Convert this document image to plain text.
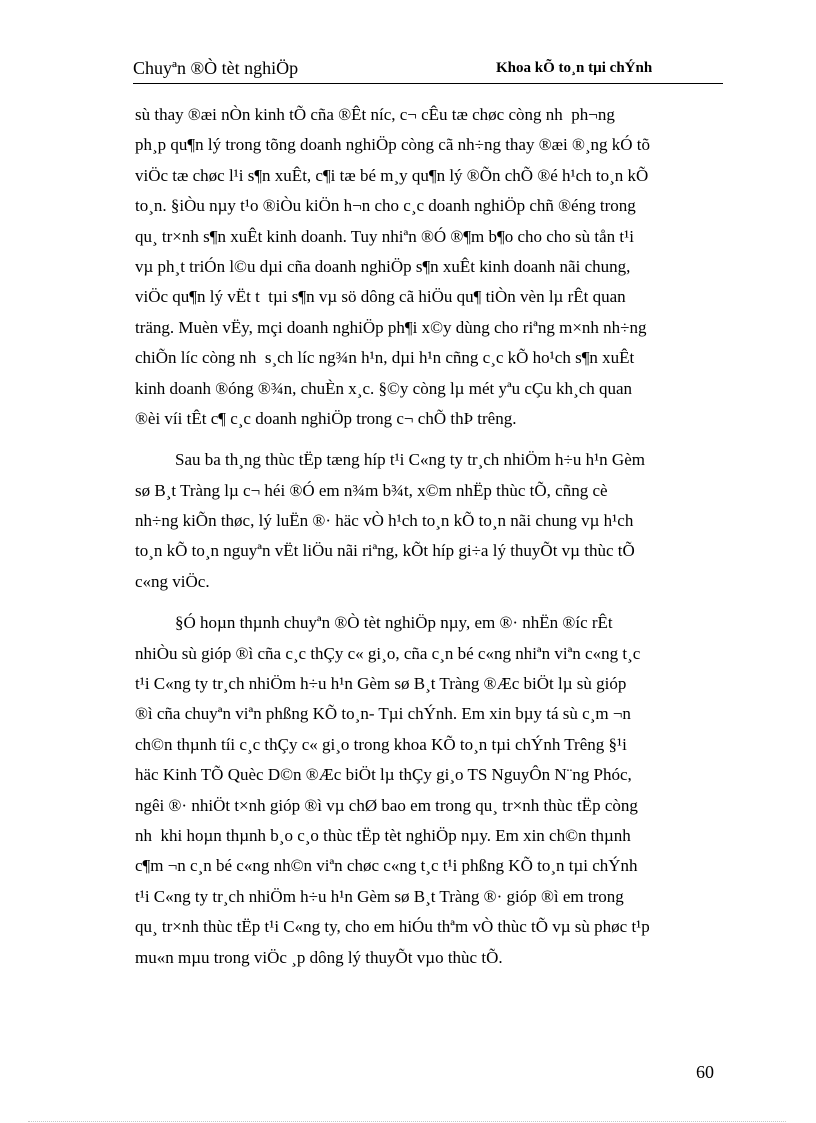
Chuyªn ®Ò tèt nghiÖp	Khoa kÕ to¸n tµi chÝnh
sù thay ®æi nÒn kinh tÕ cña ®Êt níc, c¬ cÊu tæ chøc còng nh  ph¬ng
ph¸p qu¶n lý trong tõng doanh nghiÖp còng cã nh÷ng thay ®æi ®¸ng kÓ tõ
viÖc tæ chøc l¹i s¶n xuÊt, c¶i tæ bé m¸y qu¶n lý ®Õn chÕ ®é h¹ch to¸n kÕ
to¸n. §iÒu nµy t¹o ®iÒu kiÖn h¬n cho c¸c doanh nghiÖp chñ ®éng trong
qu¸ tr×nh s¶n xuÊt kinh doanh. Tuy nhiªn ®Ó ®¶m b¶o cho cho sù tån t¹i
vµ ph¸t triÓn l©u dµi cña doanh nghiÖp s¶n xuÊt kinh doanh nãi chung,
viÖc qu¶n lý vËt t  tµi s¶n vµ sö dông cã hiÖu qu¶ tiÒn vèn lµ rÊt quan
träng. Muèn vËy, mçi doanh nghiÖp ph¶i x©y dùng cho riªng m×nh nh÷ng
chiÕn líc còng nh  s¸ch líc ng¾n h¹n, dµi h¹n cñng c¸c kÕ ho¹ch s¶n xuÊt
kinh doanh ®óng ®¾n, chuÈn x¸c. §©y còng lµ mét yªu cÇu kh¸ch quan
®èi víi tÊt c¶ c¸c doanh nghiÖp trong c¬ chÕ thÞ trêng.
Sau ba th¸ng thùc tËp tæng híp t¹i C«ng ty tr¸ch nhiÖm h÷u h¹n Gèm
sø B¸t Tràng lµ c¬ héi ®Ó em n¾m b¾t, x©m nhËp thùc tÕ, cñng cè
nh÷ng kiÕn thøc, lý luËn ®· häc vÒ h¹ch to¸n kÕ to¸n nãi chung vµ h¹ch
to¸n kÕ to¸n nguyªn vËt liÖu nãi riªng, kÕt híp gi÷a lý thuyÕt vµ thùc tÕ
c«ng viÖc.
§Ó hoµn thµnh chuyªn ®Ò tèt nghiÖp nµy, em ®· nhËn ®íc rÊt
nhiÒu sù gióp ®ì cña c¸c thÇy c« gi¸o, cña c¸n bé c«ng nhiªn viªn c«ng t¸c
t¹i C«ng ty tr¸ch nhiÖm h÷u h¹n Gèm sø B¸t Tràng ®Æc biÖt lµ sù gióp
®ì cña chuyªn viªn phßng KÕ to¸n- Tµi chÝnh. Em xin bµy tá sù c¸m ¬n
ch©n thµnh tíi c¸c thÇy c« gi¸o trong khoa KÕ to¸n tµi chÝnh Trêng §¹i
häc Kinh TÕ Quèc D©n ®Æc biÖt lµ thÇy gi¸o TS NguyÔn N¨ng Phóc,
ngêi ®· nhiÖt t×nh gióp ®ì vµ chØ bao em trong qu¸ tr×nh thùc tËp còng
nh  khi hoµn thµnh b¸o c¸o thùc tËp tèt nghiÖp nµy. Em xin ch©n thµnh
c¶m ¬n c¸n bé c«ng nh©n viªn chøc c«ng t¸c t¹i phßng KÕ to¸n tµi chÝnh
t¹i C«ng ty tr¸ch nhiÖm h÷u h¹n Gèm sø B¸t Tràng ®· gióp ®ì em trong
qu¸ tr×nh thùc tËp t¹i C«ng ty, cho em hiÓu thªm vÒ thùc tÕ vµ sù phøc t¹p
mu«n mµu trong viÖc ¸p dông lý thuyÕt vµo thùc tÕ.
60
